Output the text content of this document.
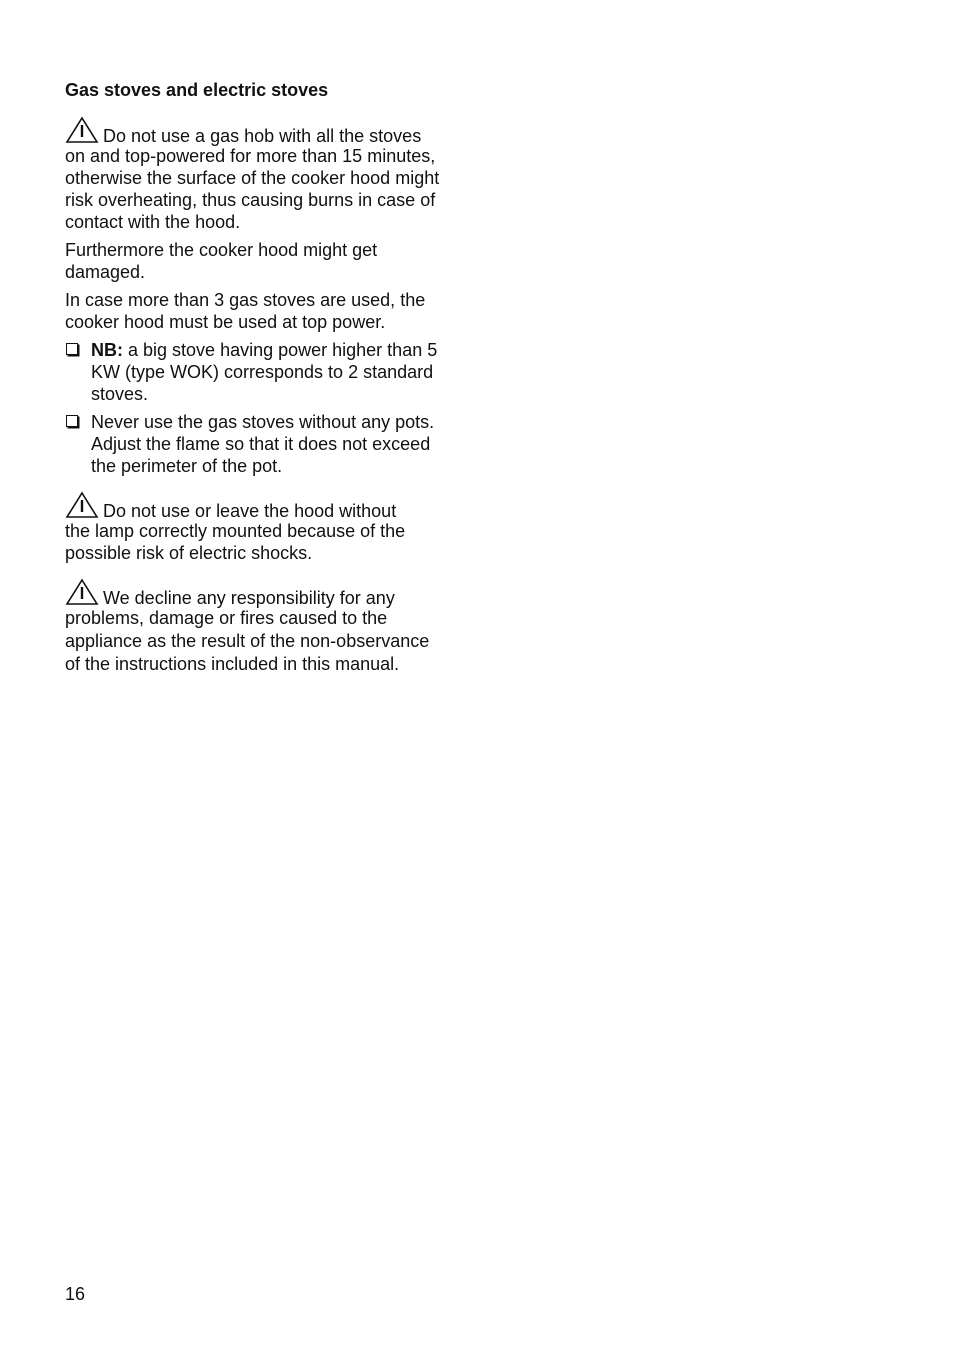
Gas stoves and electric stoves

Do not use a gas hob with all the stoves

on and top-powered for more than 15 minutes, otherwise the surface of the cooker hood might risk overheating, thus causing burns in case of contact with the hood.

Furthermore the cooker hood might get damaged.

In case more than 3 gas stoves are used, the cooker hood must be used at top power.

NB: a big stove having power higher than 5 KW (type WOK) corresponds to 2 standard stoves.
Never use the gas stoves without any pots. Adjust the flame so that it does not exceed the perimeter of the pot.

Do not use or leave the hood without

the lamp correctly mounted because of the possible risk of electric shocks.

We decline any responsibility for any

problems, damage or fires caused to the appliance as the result of the non-observance of the instructions included in this manual.

16
